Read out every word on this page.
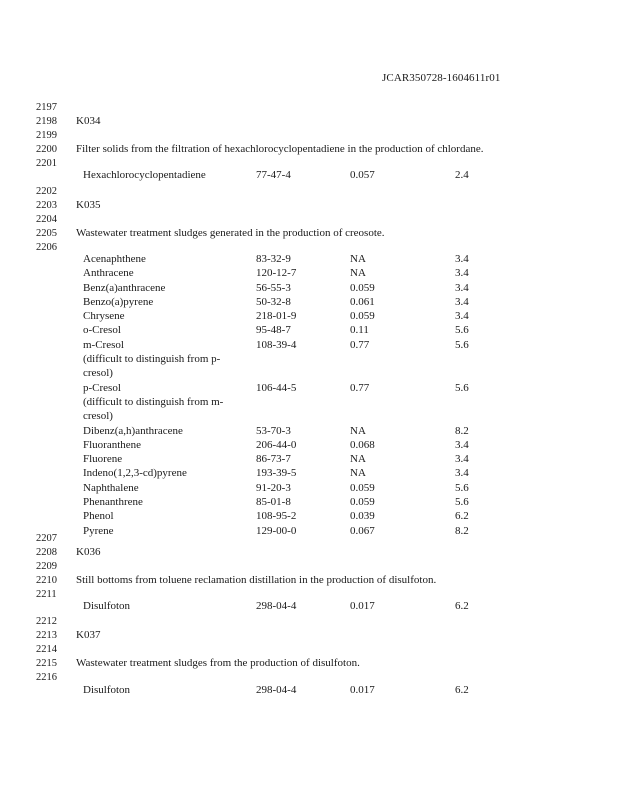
JCAR350728-1604611r01
2197
2198
2199
2200
2201
2202
2203
2204
2205
2206
2207
2208
2209
2210
2211
2212
2213
2214
2215
2216
K034
Filter solids from the filtration of hexachlorocyclopentadiene in the production of chlordane.
Hexachlorocyclopentadiene	77-47-4	0.057	2.4
K035
Wastewater treatment sludges generated in the production of creosote.
Acenaphthene	83-32-9	NA	3.4
Anthracene	120-12-7	NA	3.4
Benz(a)anthracene	56-55-3	0.059	3.4
Benzo(a)pyrene	50-32-8	0.061	3.4
Chrysene	218-01-9	0.059	3.4
o-Cresol	95-48-7	0.11	5.6
m-Cresol	108-39-4	0.77	5.6
(difficult to distinguish from p-cresol)
p-Cresol	106-44-5	0.77	5.6
(difficult to distinguish from m-cresol)
Dibenz(a,h)anthracene	53-70-3	NA	8.2
Fluoranthene	206-44-0	0.068	3.4
Fluorene	86-73-7	NA	3.4
Indeno(1,2,3-cd)pyrene	193-39-5	NA	3.4
Naphthalene	91-20-3	0.059	5.6
Phenanthrene	85-01-8	0.059	5.6
Phenol	108-95-2	0.039	6.2
Pyrene	129-00-0	0.067	8.2
K036
Still bottoms from toluene reclamation distillation in the production of disulfoton.
Disulfoton	298-04-4	0.017	6.2
K037
Wastewater treatment sludges from the production of disulfoton.
Disulfoton	298-04-4	0.017	6.2
